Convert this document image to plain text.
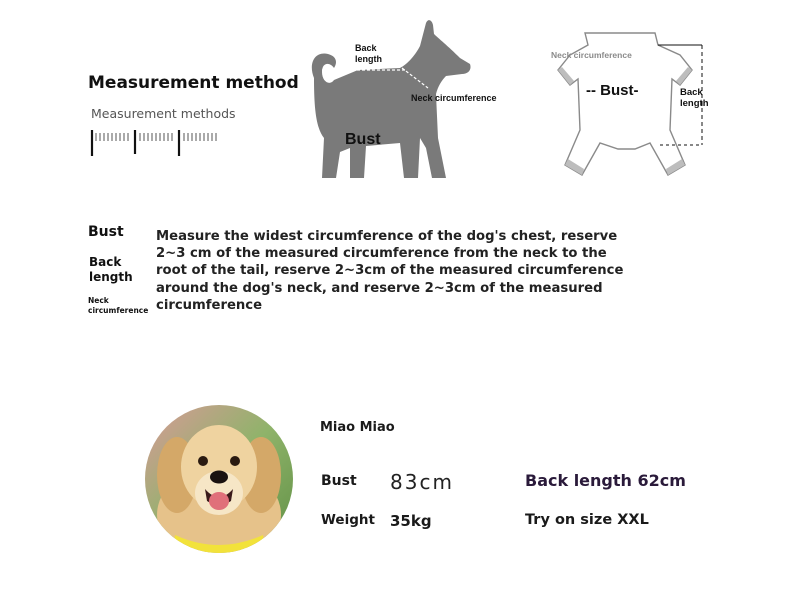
Measurement method
Measurement methods
Back length
Neck circumference
Bust
Neck circumference
-- Bust-	Back length
Bust
Back length
Neck circumference
Measure the widest circumference of the dog's chest, reserve 2~3 cm of the measured circumference from the neck to the root of the tail, reserve 2~3cm of the measured circumference around the dog's neck, and reserve 2~3cm of the measured circumference
Miao Miao
Bust 83cm	Back length 62cm
Weight 35kg	Try on size XXL
